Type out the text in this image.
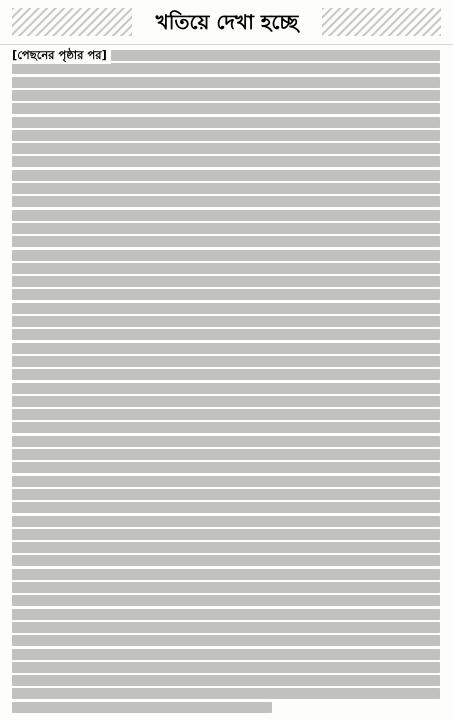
খতিয়ে দেখা হচ্ছে
[পেছনের পৃষ্ঠার পর]
